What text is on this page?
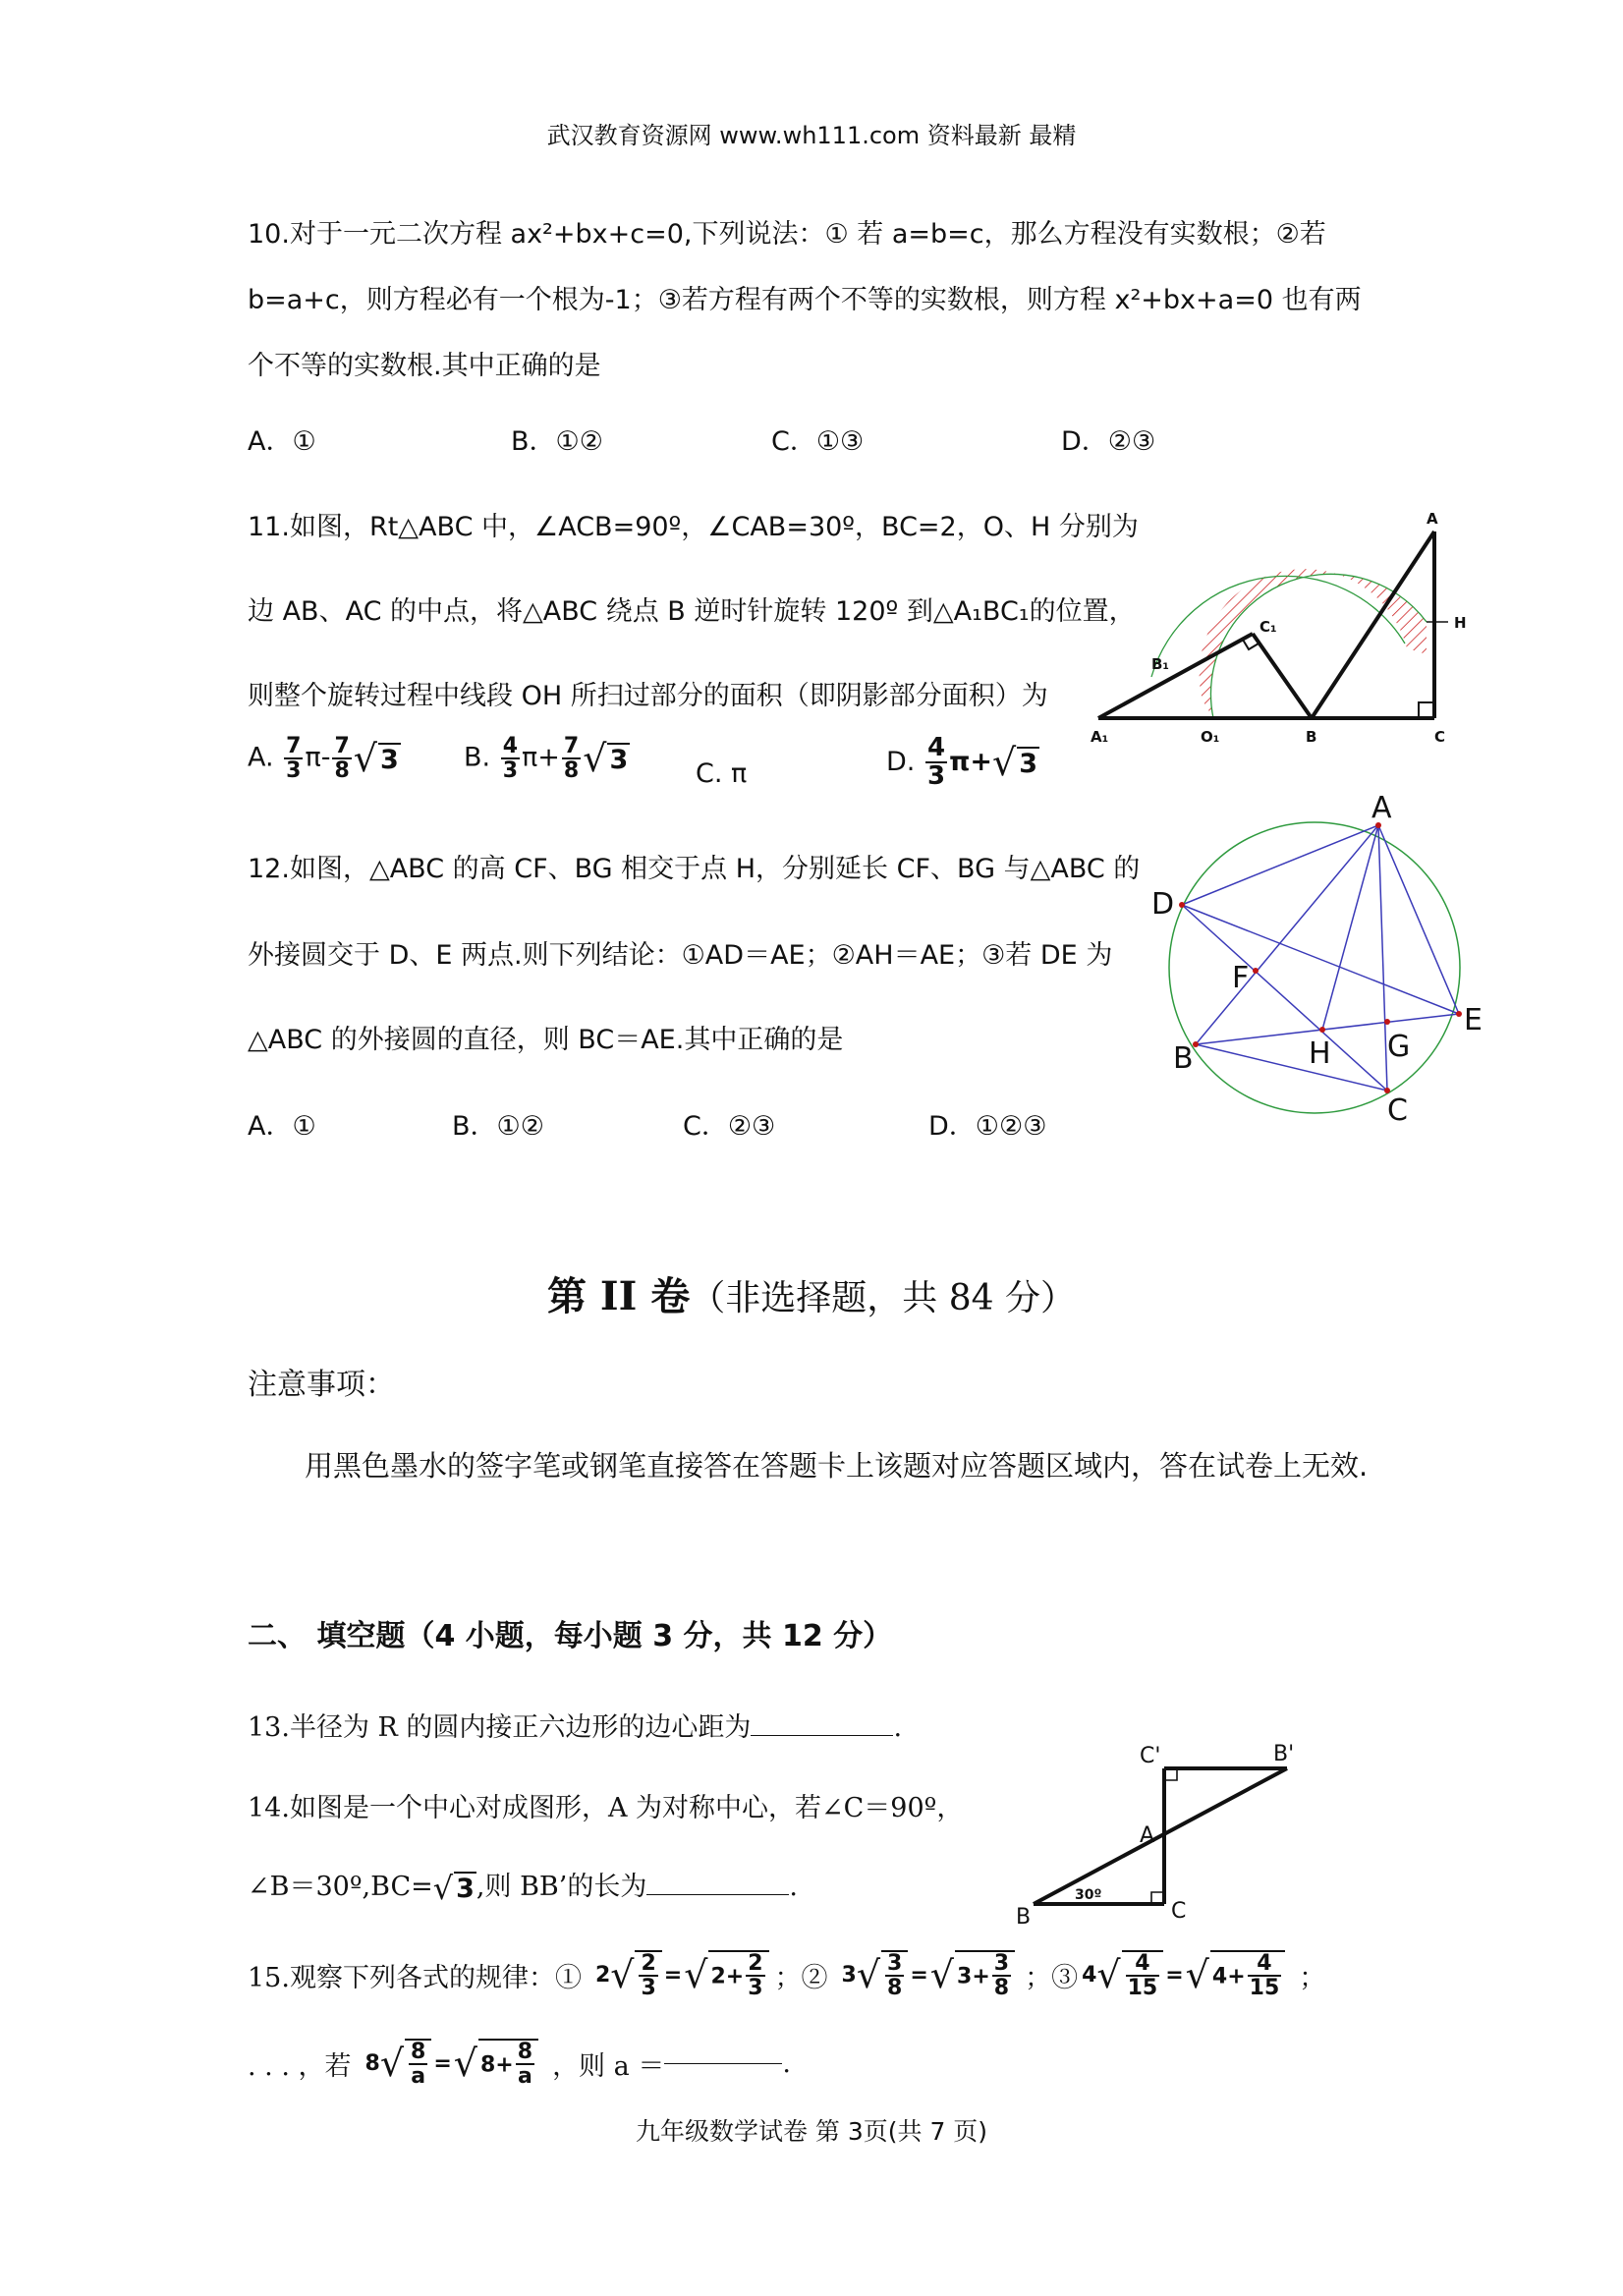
武汉教育资源网 www.wh111.com 资料最新 最精
10.对于一元二次方程 ax²+bx+c=0,下列说法：① 若 a=b=c，那么方程没有实数根；②若
b=a+c，则方程必有一个根为-1；③若方程有两个不等的实数根，则方程 x²+bx+a=0 也有两
个不等的实数根.其中正确的是
A．①	B．①②	C．①③	D．②③
11.如图，Rt△ABC 中，∠ACB=90º，∠CAB=30º，BC=2，O、H 分别为
边 AB、AC 的中点，将△ABC 绕点 B 逆时针旋转 120º 到△A₁BC₁的位置，
则整个旋转过程中线段 OH 所扫过部分的面积（即阴影部分面积）为
A. $\frac{7}{3} \pi- \frac{7}{8}$ √ 3 B. $\frac{4}{3} \pi+ \frac{7}{8}$ √ 3	C. π	D. $\frac{4}{3} \pi+√$ 3
A
H
C₁
B₁
A₁	O₁	B	C
12.如图，△ABC 的高 CF、BG 相交于点 H，分别延长 CF、BG 与△ABC 的
外接圆交于 D、E 两点.则下列结论：①AD＝AE；②AH＝AE；③若 DE 为
△ABC 的外接圆的直径，则 BC＝AE.其中正确的是
A．①	B．①②	C．②③	D．①②③
A
D
F
E
G
H
B
C
第 II 卷（非选择题，共 84 分）
注意事项：
用黑色墨水的签字笔或钢笔直接答在答题卡上该题对应答题区域内，答在试卷上无效.
二、 填空题（4 小题，每小题 3 分，共 12 分）
13.半径为 R 的圆内接正六边形的边心距为	.
14.如图是一个中心对成图形，A 为对称中心，若∠C＝90º，
∠B＝30º,BC=√ 3,则 BB’的长为	.
C'	B'
A
B
30º
C
15.观察下列各式的规律：① 2 √ $\frac{2}{3}$ = √ $2+ \frac{2}{3}$ ；② 3 √ $\frac{3}{8}$ = √ $3+ \frac{3}{8}$ ；③ 4 √ $\frac{4}{15}$ = √ $4+ \frac{4}{15}$ ；
. . . ，若 8 √ $\frac{8}{a}$ = √ $8+ \frac{8}{a}$ ，则 a ＝	.
九年级数学试卷 第 3页(共 7 页)
